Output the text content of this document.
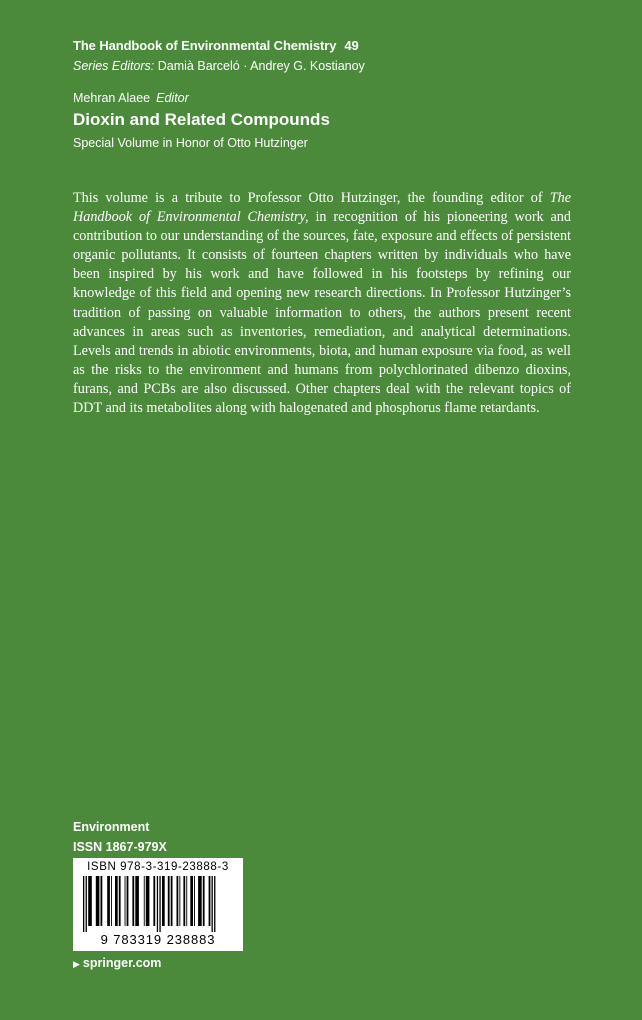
The Handbook of Environmental Chemistry 49
Series Editors: Damià Barceló · Andrey G. Kostianoy
Mehran Alaee Editor
Dioxin and Related Compounds
Special Volume in Honor of Otto Hutzinger

This volume is a tribute to Professor Otto Hutzinger, the founding editor of The Handbook of Environmental Chemistry, in recognition of his pioneering work and contribution to our understanding of the sources, fate, exposure and effects of persistent organic pollutants. It consists of fourteen chapters written by individuals who have been inspired by his work and have followed in his footsteps by refining our knowledge of this field and opening new research directions. In Professor Hutzinger’s tradition of passing on valuable information to others, the authors present recent advances in areas such as inventories, remediation, and analytical determinations. Levels and trends in abiotic environments, biota, and human exposure via food, as well as the risks to the environment and humans from polychlorinated dibenzo dioxins, furans, and PCBs are also discussed. Other chapters deal with the relevant topics of DDT and its metabolites along with halogenated and phosphorus flame retardants.

Environment
ISSN 1867-979X
ISBN 978-3-319-23888-3
9 783319 238883
▶ springer.com
